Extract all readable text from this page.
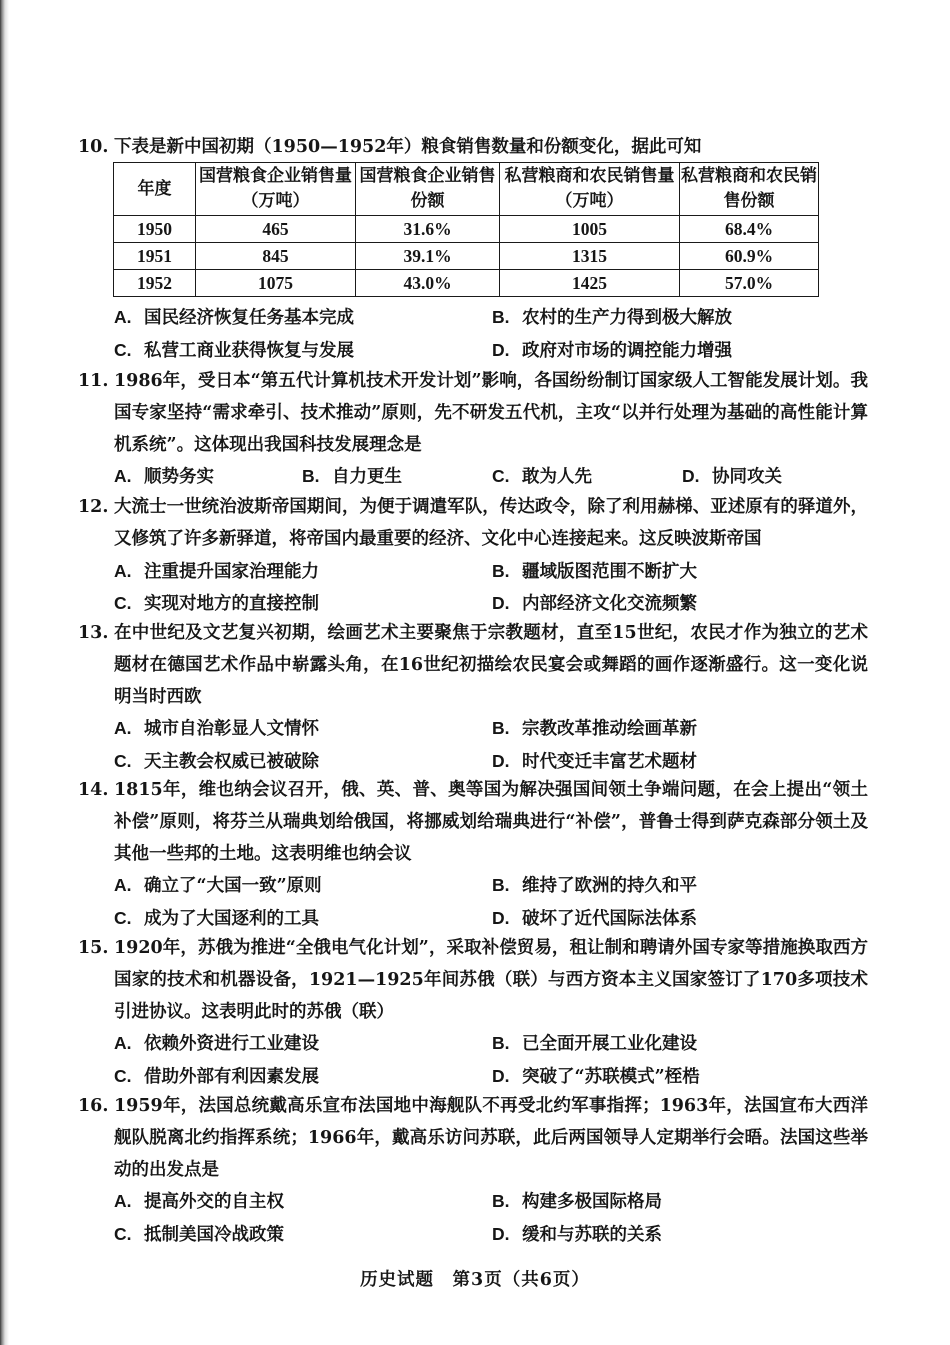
10. 下表是新中国初期（1950—1952年）粮食销售数量和份额变化，据此可知
年度	国营粮食企业销售量（万吨）	国营粮食企业销售份额	私营粮商和农民销售量（万吨）	私营粮商和农民销售份额
1950	465	31.6%	1005	68.4%
1951	845	39.1%	1315	60.9%
1952	1075	43.0%	1425	57.0%
A. 国民经济恢复任务基本完成	B. 农村的生产力得到极大解放
C. 私营工商业获得恢复与发展	D. 政府对市场的调控能力增强
11. 1986年，受日本“第五代计算机技术开发计划”影响，各国纷纷制订国家级人工智能发展计划。我国专家坚持“需求牵引、技术推动”原则，先不研发五代机，主攻“以并行处理为基础的高性能计算机系统”。这体现出我国科技发展理念是
A. 顺势务实	B. 自力更生	C. 敢为人先	D. 协同攻关
12. 大流士一世统治波斯帝国期间，为便于调遣军队，传达政令，除了利用赫梯、亚述原有的驿道外，又修筑了许多新驿道，将帝国内最重要的经济、文化中心连接起来。这反映波斯帝国
A. 注重提升国家治理能力	B. 疆域版图范围不断扩大
C. 实现对地方的直接控制	D. 内部经济文化交流频繁
13. 在中世纪及文艺复兴初期，绘画艺术主要聚焦于宗教题材，直至15世纪，农民才作为独立的艺术题材在德国艺术作品中崭露头角，在16世纪初描绘农民宴会或舞蹈的画作逐渐盛行。这一变化说明当时西欧
A. 城市自治彰显人文情怀	B. 宗教改革推动绘画革新
C. 天主教会权威已被破除	D. 时代变迁丰富艺术题材
14. 1815年，维也纳会议召开，俄、英、普、奥等国为解决强国间领土争端问题，在会上提出“领土补偿”原则，将芬兰从瑞典划给俄国，将挪威划给瑞典进行“补偿”，普鲁士得到萨克森部分领土及其他一些邦的土地。这表明维也纳会议
A. 确立了“大国一致”原则	B. 维持了欧洲的持久和平
C. 成为了大国逐利的工具	D. 破坏了近代国际法体系
15. 1920年，苏俄为推进“全俄电气化计划”，采取补偿贸易，租让制和聘请外国专家等措施换取西方国家的技术和机器设备，1921—1925年间苏俄（联）与西方资本主义国家签订了170多项技术引进协议。这表明此时的苏俄（联）
A. 依赖外资进行工业建设	B. 已全面开展工业化建设
C. 借助外部有利因素发展	D. 突破了“苏联模式”桎梏
16. 1959年，法国总统戴高乐宣布法国地中海舰队不再受北约军事指挥；1963年，法国宣布大西洋舰队脱离北约指挥系统；1966年，戴高乐访问苏联，此后两国领导人定期举行会晤。法国这些举动的出发点是
A. 提高外交的自主权	B. 构建多极国际格局
C. 抵制美国冷战政策	D. 缓和与苏联的关系
历史试题　第3页（共6页）
